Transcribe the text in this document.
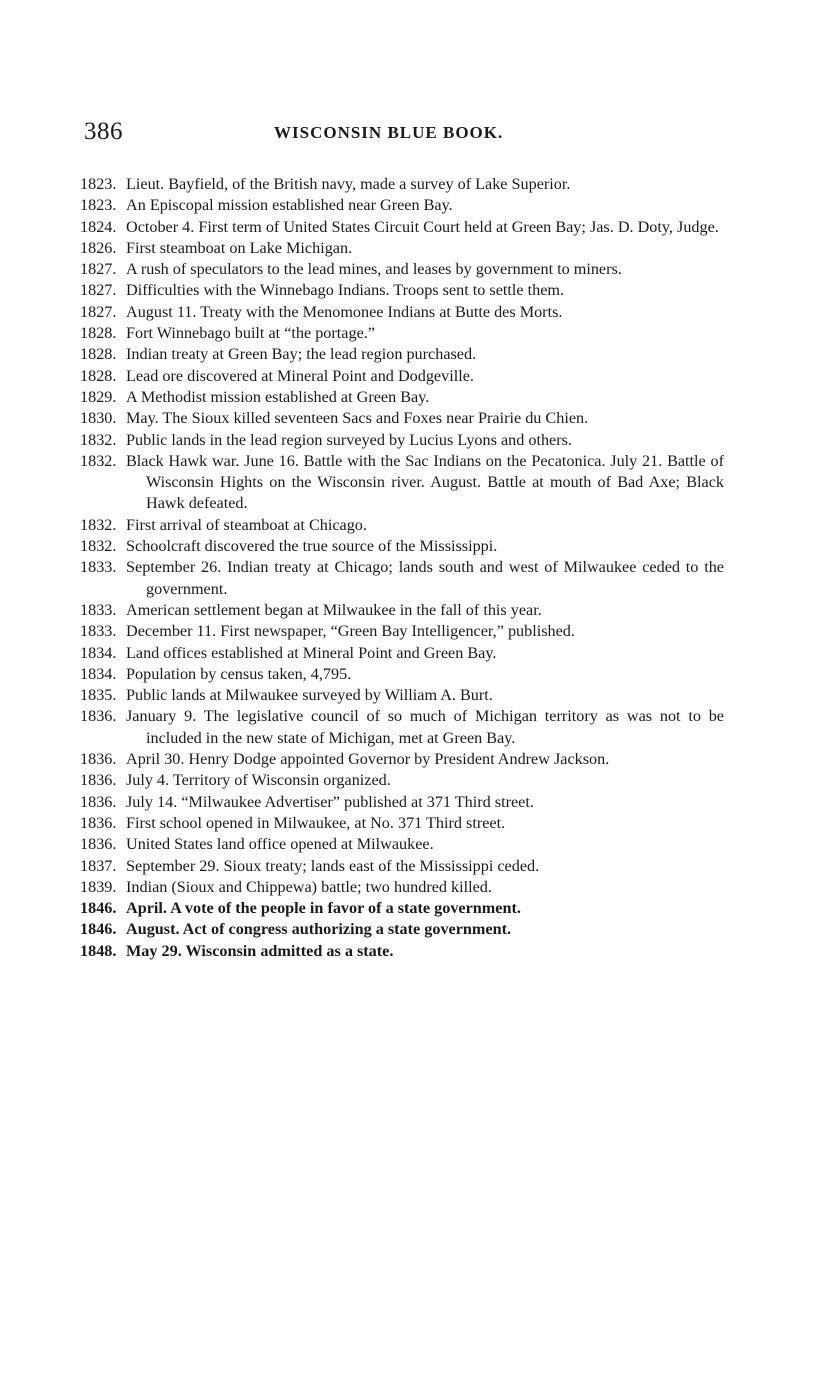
386	WISCONSIN BLUE BOOK.
1823. Lieut. Bayfield, of the British navy, made a survey of Lake Superior.
1823. An Episcopal mission established near Green Bay.
1824. October 4. First term of United States Circuit Court held at Green Bay; Jas. D. Doty, Judge.
1826. First steamboat on Lake Michigan.
1827. A rush of speculators to the lead mines, and leases by government to miners.
1827. Difficulties with the Winnebago Indians. Troops sent to settle them.
1827. August 11. Treaty with the Menomonee Indians at Butte des Morts.
1828. Fort Winnebago built at “the portage.”
1828. Indian treaty at Green Bay; the lead region purchased.
1828. Lead ore discovered at Mineral Point and Dodgeville.
1829. A Methodist mission established at Green Bay.
1830. May. The Sioux killed seventeen Sacs and Foxes near Prairie du Chien.
1832. Public lands in the lead region surveyed by Lucius Lyons and others.
1832. Black Hawk war. June 16. Battle with the Sac Indians on the Pecatonica. July 21. Battle of Wisconsin Hights on the Wisconsin river. August. Battle at mouth of Bad Axe; Black Hawk defeated.
1832. First arrival of steamboat at Chicago.
1832. Schoolcraft discovered the true source of the Mississippi.
1833. September 26. Indian treaty at Chicago; lands south and west of Milwaukee ceded to the government.
1833. American settlement began at Milwaukee in the fall of this year.
1833. December 11. First newspaper, “Green Bay Intelligencer,” published.
1834. Land offices established at Mineral Point and Green Bay.
1834. Population by census taken, 4,795.
1835. Public lands at Milwaukee surveyed by William A. Burt.
1836. January 9. The legislative council of so much of Michigan territory as was not to be included in the new state of Michigan, met at Green Bay.
1836. April 30. Henry Dodge appointed Governor by President Andrew Jackson.
1836. July 4. Territory of Wisconsin organized.
1836. July 14. “Milwaukee Advertiser” published at 371 Third street.
1836. First school opened in Milwaukee, at No. 371 Third street.
1836. United States land office opened at Milwaukee.
1837. September 29. Sioux treaty; lands east of the Mississippi ceded.
1839. Indian (Sioux and Chippewa) battle; two hundred killed.
1846. April. A vote of the people in favor of a state government.
1846. August. Act of congress authorizing a state government.
1848. May 29. Wisconsin admitted as a state.
